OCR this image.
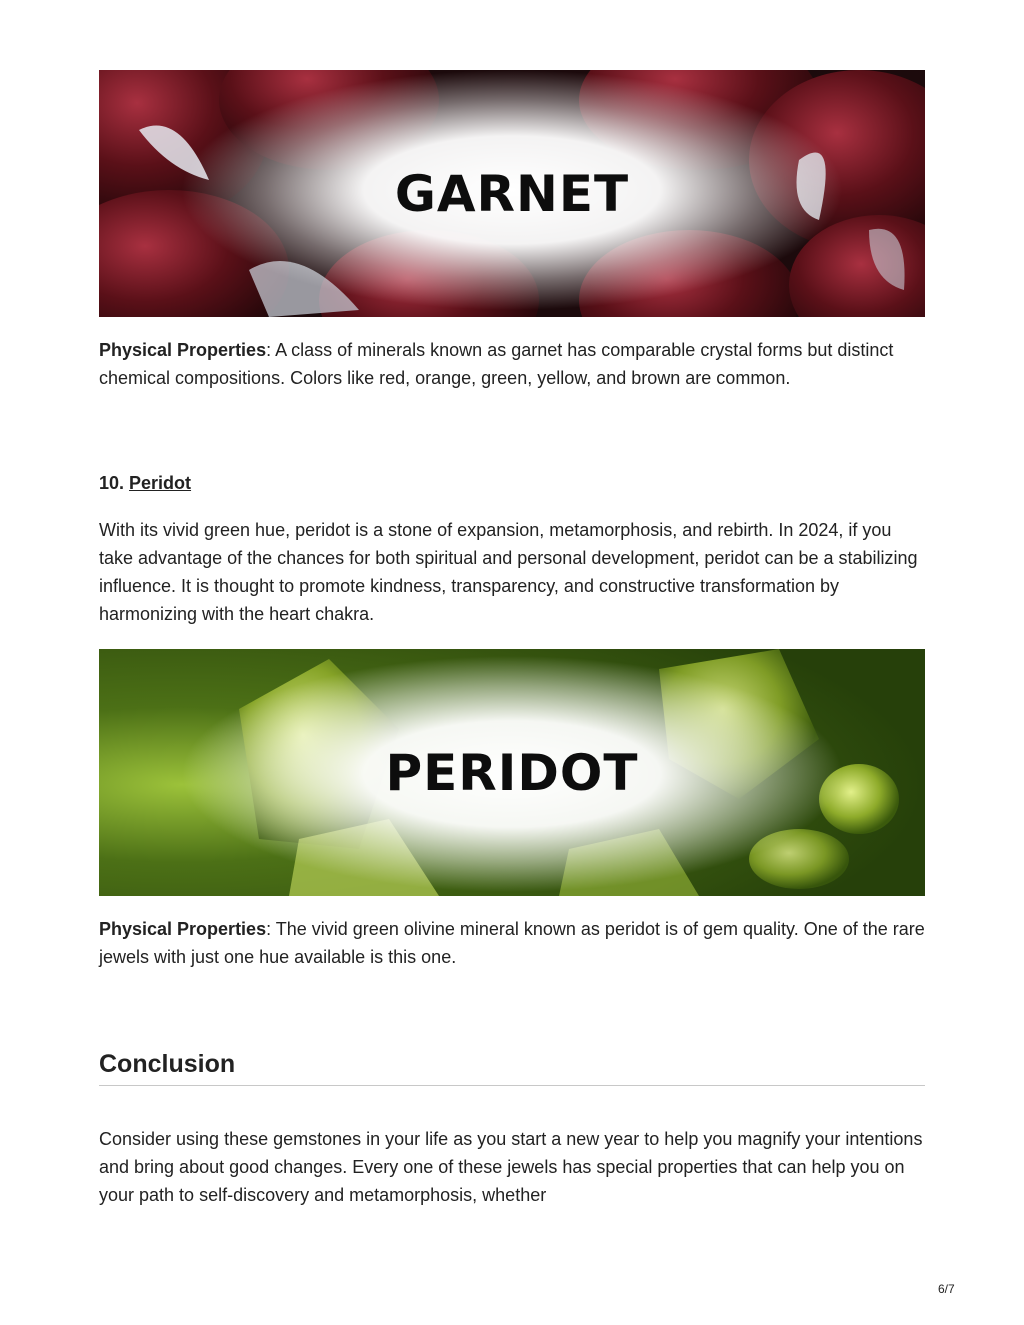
GARNET

Physical Properties: A class of minerals known as garnet has comparable crystal forms but distinct chemical compositions. Colors like red, orange, green, yellow, and brown are common.

10. Peridot

With its vivid green hue, peridot is a stone of expansion, metamorphosis, and rebirth. In 2024, if you take advantage of the chances for both spiritual and personal development, peridot can be a stabilizing influence. It is thought to promote kindness, transparency, and constructive transformation by harmonizing with the heart chakra.

PERIDOT

Physical Properties: The vivid green olivine mineral known as peridot is of gem quality. One of the rare jewels with just one hue available is this one.

Conclusion

Consider using these gemstones in your life as you start a new year to help you magnify your intentions and bring about good changes. Every one of these jewels has special properties that can help you on your path to self-discovery and metamorphosis, whether

6/7
